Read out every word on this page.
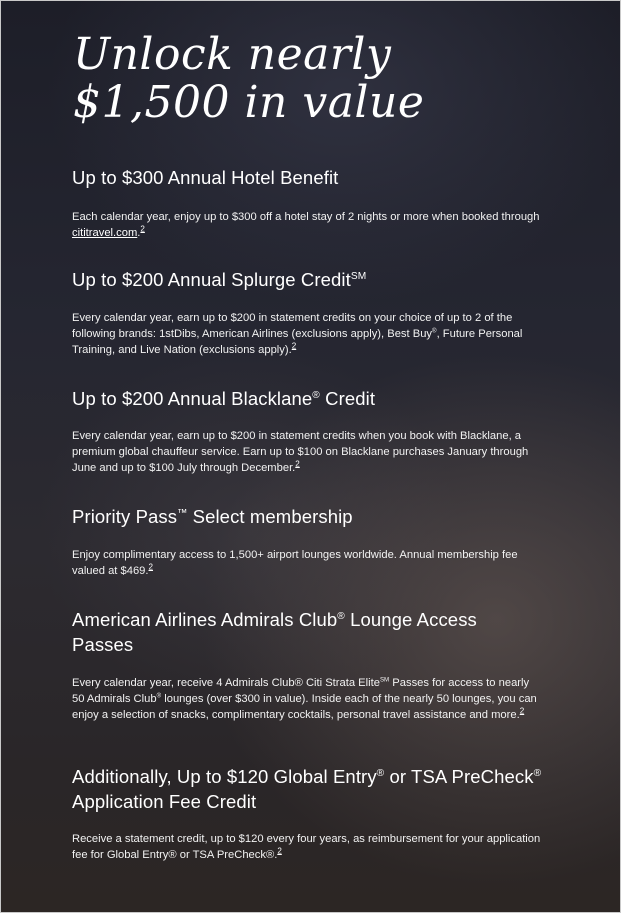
Unlock nearly
$1,500 in value
Up to $300 Annual Hotel Benefit

Each calendar year, enjoy up to $300 off a hotel stay of 2 nights or more when booked through cititravel.com.$^2$

Up to $200 Annual Splurge Credit℠

Every calendar year, earn up to $200 in statement credits on your choice of up to 2 of the following brands: 1stDibs, American Airlines (exclusions apply), Best Buy®, Future Personal Training, and Live Nation (exclusions apply).$^2$

Up to $200 Annual Blacklane® Credit

Every calendar year, earn up to $200 in statement credits when you book with Blacklane, a premium global chauffeur service. Earn up to $100 on Blacklane purchases January through June and up to $100 July through December.$^2$

Priority Pass™ Select membership

Enjoy complimentary access to 1,500+ airport lounges worldwide. Annual membership fee valued at $469.$^2$

American Airlines Admirals Club® Lounge Access Passes

Every calendar year, receive 4 Admirals Club® Citi Strata Elite℠ Passes for access to nearly 50 Admirals Club® lounges (over $300 in value). Inside each of the nearly 50 lounges, you can enjoy a selection of snacks, complimentary cocktails, personal travel assistance and more.$^2$

Additionally, Up to $120 Global Entry® or TSA PreCheck® Application Fee Credit

Receive a statement credit, up to $120 every four years, as reimbursement for your application fee for Global Entry® or TSA PreCheck®.$^2$
